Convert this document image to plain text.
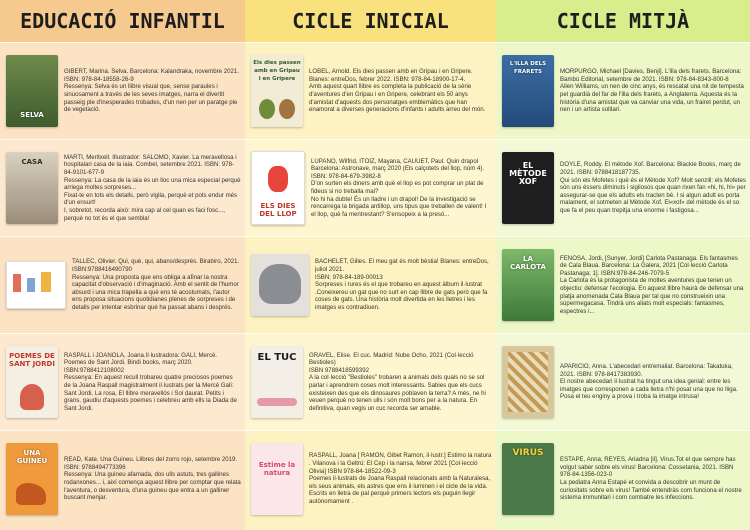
EDUCACIÓ INFANTIL
SELVA
GIBERT, Marina. Selva. Barcelona: Kalandraka, novembre 2021. ISBN: 978-84-18558-26-9
Ressenya: Selva és un llibre visual que, sense paraules i sinuosament a través de les seves imatges, narra el divertit passeig ple d'inesperades trobades, d'un nen per un paratge ple de vegetació.
CASA
MARTÍ, Meritxell. Illustrador: SALOMÓ, Xavier. La meravellosa i hospitalari casa de la iaia. Combel, setembre 2021. ISBN: 978-84-9101-677-9
Ressenya: La casa de la iaia és un lloc una mica especial perquè arriega moltes sorpreses...
Fixat-te en tots els detalls, però vigila, perquè et pots endur més d'un ensurt!
I, sobretot, recorda això: mira cap al cel quan es faci fosc..., perquè no tot és el que sembla!
TALLEC, Olivier. Qui, què, qui, abans/després. Birabiro, 2021. ISBN:9788416490790
Ressenya: Una proposta que ens obliga a afinar la nostra capacitat d'observació i d'imaginació. Amb el sentit de l'humor absurd i una mica trapella a què ens té acostumats, l'autor ens proposa situacions quotidianes plenes de sorpreses i de detalls per intentar esbrinar què ha passat abans i després.
POEMES DE SANT JORDI
RASPALL i JOANOLA, Joana.Il·lustradora: GALÍ, Mercè. Poemes de Sant Jordi. Bindi books, març 2020. ISBN:9788412108002
Ressenya: En aquest recull trobareu quatre preciosos poemes de la Joana Raspall magistralment il·lustrats per la Mercè Galí: Sant Jordi, La rosa, El llibre meravellós i Sol daurat. Petits i grans, gaudiu d'aquests poemes i celebreu amb ells la Diada de Sant Jordi.
UNA GUINEU	READ, Kate. Una Guineu. Llibres del zorro rojo, setembre 2019. ISBN: 9788494773396
Ressenya: Una guineu afamada, dos ulls astuts, tres gallines rodanxones... i, així comença aquest llibre per comptar que relata l'aventura, o desventura, d'una guineu que entra a un galliner buscant menjar.
CICLE INICIAL
Els dies passen amb en Gripau i en Gripere
LOBEL, Arnold. Els dies passen amb en Gripau i en Gripere. Blanes: entreDos, febrer 2022. ISBN: 978-84-18900-17-4.
Amb aquest quart llibre es completa la publicació de la sèrie d'aventures d'en Gripau i en Gripere, celebrant els 50 anys d'amistat d'aquests dos personatges emblemàtics que han enamorat a diverses generacions d'infants i adults arreu del món.
ELS DIES DEL LLOP
LUPANO, Wilfrid, ITOÏZ, Mayana, CAUUET, Paul. Quin drapol Barcelona: Astronave, març 2020 (Els calçotets del llop, núm 4). ISBN: 978-84-679-3982-8
D'on surten els diners amb què el llop es pot comprar un plat de fideus si no treballa mai?
No hi ha dubte! És un lladre i un drapol! De la investigació se rencarrega la brigada antillop, uns tipus que treballen de valent! I el llop, què fa mentrestant? S'ensopeix a la presó...
BACHELET, Gilles. El meu gat és molt bèstia! Blanes: entreDos, juliol 2021.
ISBN: 978-84-189-00013
Sorpreses i rures és el que trobareu en aquest àlbum il·lustrat .Coneixereu un gat que no surt en cap llibre de gats però que fa coses de gats. Una història molt divertida en les lletres i les imatges es contradiuen.
EL TUC	GRAVEL, Elise. El cuc. Madrid: Nube Ocho, 2021 (Col·lecció Bestioles)
ISBN 9788418599392
A la col·lecció "Bestioles" trobaren a animals dels quals no se sol parlar i aprendrem coses molt interessants. Sabies que els cucs existeixen des que els dinosaures poblaven la terra? A més, ne hi veuen perquè no tenen ulls i són molt bons per a la natura. En definitiva, quan vegis un cuc recorda ser amable.
Estime la natura
RASPALL, Joana [ RAMON, Gibet Ramon, il·lustr.] Estimo la natura . Vilanova i la Geltrú: El Cep i la nansa, febrer 2021 [Col·lecció Olivia] ISBN 978-84-18522-09-3
Poemes il·lustrats de Joana Raspall relacionats amb la Naturalesa, els seus animals, els astres que ens il·luminen i el cicle de la vida. Escrits en lletra de pal perquè primers lectors els puguin llegir autònomament .
CICLE MITJÀ
L'ILLA DELS FRARETS	MORPURGO, Michael [Davies, Benji]. L'illa dels frarets. Barcelona: Bambú Editorial, setembre de 2021. ISBN: 978-84-8343-800-8
Allen Williams, un nen de cinc anys, és rescatat una nit de tempesta pel guardià del far de l'illa dels frarets, a Anglaterra. Aquesta és la història d'una amistat que va canviar una vida, un frairet perdut, un nen i un artista solitari.
EL MÈTODE XOF
DOYLE, Roddy. El mètode Xof. Barcelona: Blackie Books, març de 2021. ISBN: 9788418187735.
Qui són els Mofetes i què és el Mètode Xof? Molt senzill: els Mofetes són uns éssers diminuts i sigilosos que quan rixen fan «hi, hi, hi» per assegurar-se que els adults els tracten bé. I si algun adult es porta malament, el sotmeten al Mètode Xof. El«xof» del mètode és el so que fa el peu quan trepitja una enorme i fastigosa...
LA CARLOTA
FENOSA, Jordi, [Sunyer, Jordi] Carlota Pastanaga. Els fantasmes de Cala Blaua. Barcelona: La Galera, 2021 [Col·lecció Carlota Pastanaga; 1]. ISBN:978-84-246-7079-5
La Carlota és la protagonista de moltes aventures que tenen un objectiu: defensar l'ecologia. En aquest llibre haurà de defensar una platja anomenada Cala Blaua per tal que no construeixin una súpermegacasa. Tindrà uns aliats molt especials: fantasmes, espectres i...
APARICIO, Anna. L'abecedari entremaliat. Barcelona: Takatuka, 2021. ISBN: 978-8417383930.
El nostre abecedari il·lustrat ha tingut una idea genial: entre les imatges que corresponen a cada lletra n'hi posat una que no lliga. Posa el teu enginy a prova i troba la imatge intrusa!
VIRUS
ESTAPÉ, Anna; REYES, Ariadna [il]. Virus.Tot el que sempre has volgut saber sobre els virus! Barcelona: Cossetania, 2021. ISBN 978-84-1356-023-0
La pediatra Anna Estapé et convida a descobrir un munt de curiositats sobre els virus! També entendràs com funciona el nostre sistema immunitari i com combatre les infeccions.
